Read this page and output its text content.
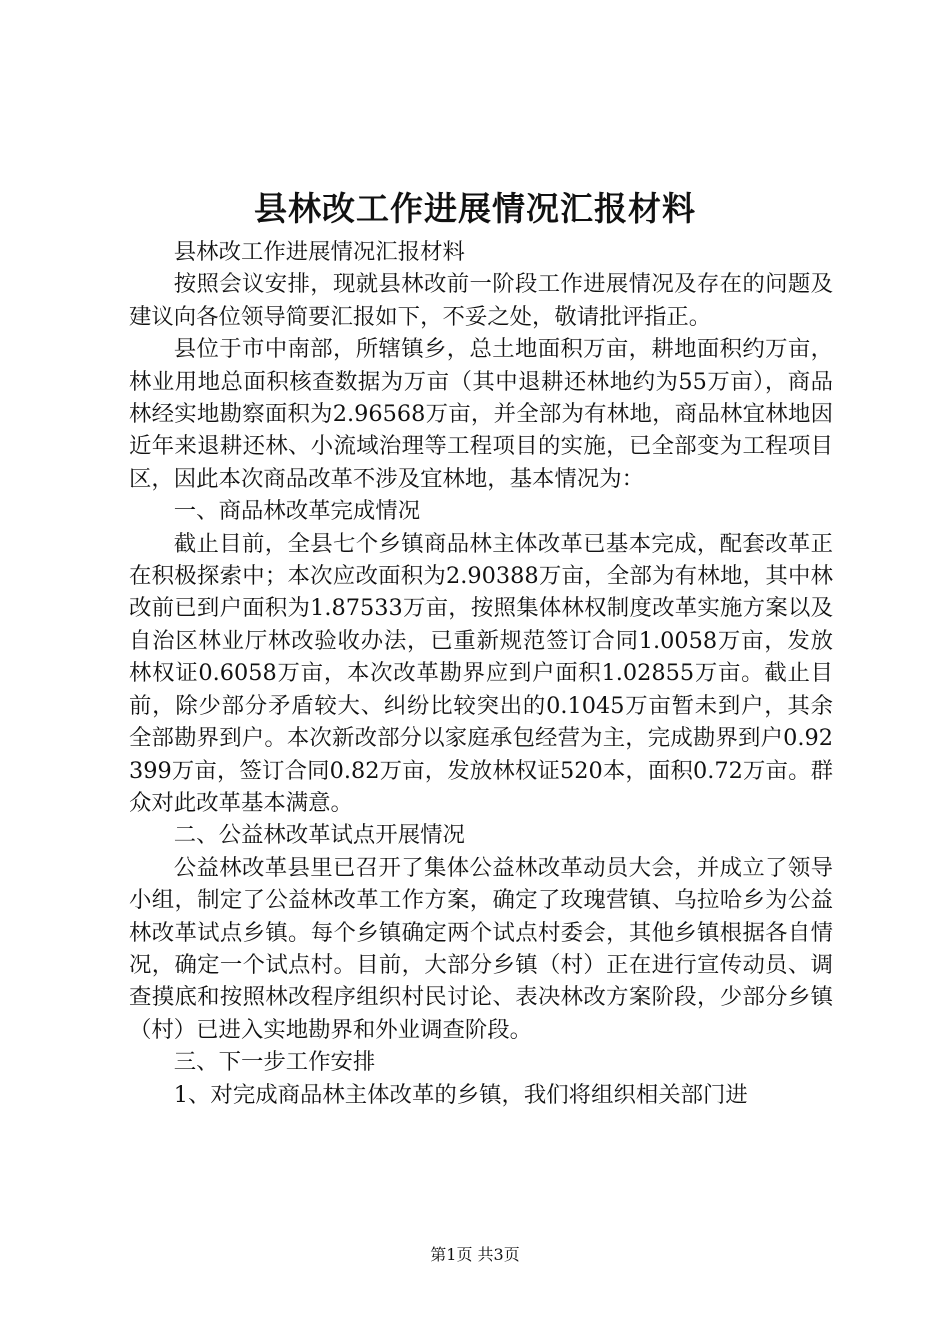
县林改工作进展情况汇报材料

县林改工作进展情况汇报材料

按照会议安排，现就县林改前一阶段工作进展情况及存在的问题及建议向各位领导简要汇报如下，不妥之处，敬请批评指正。

县位于市中南部，所辖镇乡，总土地面积万亩，耕地面积约万亩，林业用地总面积核查数据为万亩（其中退耕还林地约为55万亩），商品林经实地勘察面积为2.96568万亩，并全部为有林地，商品林宜林地因近年来退耕还林、小流域治理等工程项目的实施，已全部变为工程项目区，因此本次商品改革不涉及宜林地，基本情况为：

一、商品林改革完成情况

截止目前，全县七个乡镇商品林主体改革已基本完成，配套改革正在积极探索中；本次应改面积为2.90388万亩，全部为有林地，其中林改前已到户面积为1.87533万亩，按照集体林权制度改革实施方案以及自治区林业厅林改验收办法，已重新规范签订合同1.0058万亩，发放林权证0.6058万亩，本次改革勘界应到户面积1.02855万亩。截止目前，除少部分矛盾较大、纠纷比较突出的0.1045万亩暂未到户，其余全部勘界到户。本次新改部分以家庭承包经营为主，完成勘界到户0.92399万亩，签订合同0.82万亩，发放林权证520本，面积0.72万亩。群众对此改革基本满意。

二、公益林改革试点开展情况

公益林改革县里已召开了集体公益林改革动员大会，并成立了领导小组，制定了公益林改革工作方案，确定了玫瑰营镇、乌拉哈乡为公益林改革试点乡镇。每个乡镇确定两个试点村委会，其他乡镇根据各自情况，确定一个试点村。目前，大部分乡镇（村）正在进行宣传动员、调查摸底和按照林改程序组织村民讨论、表决林改方案阶段，少部分乡镇（村）已进入实地勘界和外业调查阶段。

三、下一步工作安排

1、对完成商品林主体改革的乡镇，我们将组织相关部门进

第1页 共3页
